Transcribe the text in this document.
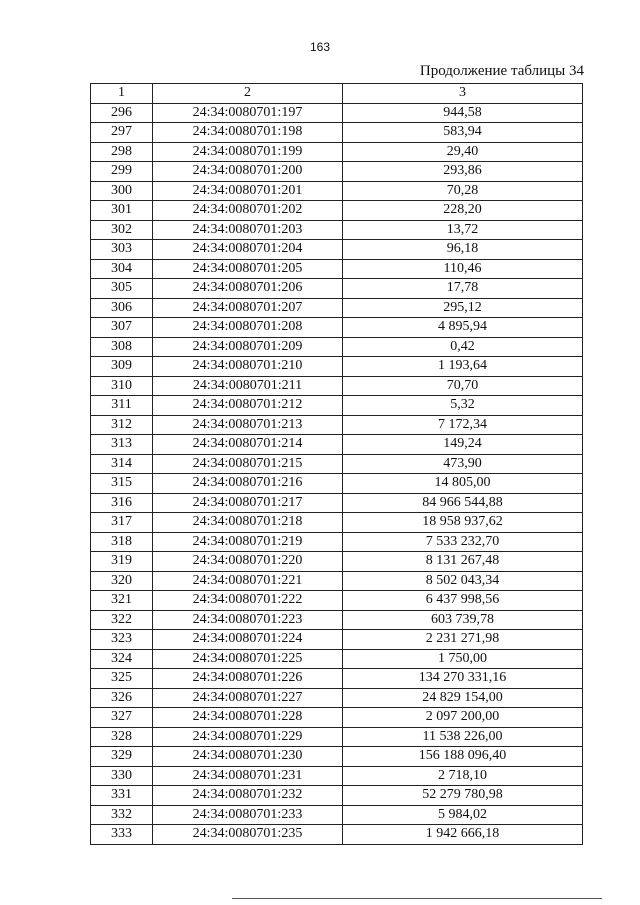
163
Продолжение таблицы 34
1	2	3
296	24:34:0080701:197	944,58
297	24:34:0080701:198	583,94
298	24:34:0080701:199	29,40
299	24:34:0080701:200	293,86
300	24:34:0080701:201	70,28
301	24:34:0080701:202	228,20
302	24:34:0080701:203	13,72
303	24:34:0080701:204	96,18
304	24:34:0080701:205	110,46
305	24:34:0080701:206	17,78
306	24:34:0080701:207	295,12
307	24:34:0080701:208	4 895,94
308	24:34:0080701:209	0,42
309	24:34:0080701:210	1 193,64
310	24:34:0080701:211	70,70
311	24:34:0080701:212	5,32
312	24:34:0080701:213	7 172,34
313	24:34:0080701:214	149,24
314	24:34:0080701:215	473,90
315	24:34:0080701:216	14 805,00
316	24:34:0080701:217	84 966 544,88
317	24:34:0080701:218	18 958 937,62
318	24:34:0080701:219	7 533 232,70
319	24:34:0080701:220	8 131 267,48
320	24:34:0080701:221	8 502 043,34
321	24:34:0080701:222	6 437 998,56
322	24:34:0080701:223	603 739,78
323	24:34:0080701:224	2 231 271,98
324	24:34:0080701:225	1 750,00
325	24:34:0080701:226	134 270 331,16
326	24:34:0080701:227	24 829 154,00
327	24:34:0080701:228	2 097 200,00
328	24:34:0080701:229	11 538 226,00
329	24:34:0080701:230	156 188 096,40
330	24:34:0080701:231	2 718,10
331	24:34:0080701:232	52 279 780,98
332	24:34:0080701:233	5 984,02
333	24:34:0080701:235	1 942 666,18
